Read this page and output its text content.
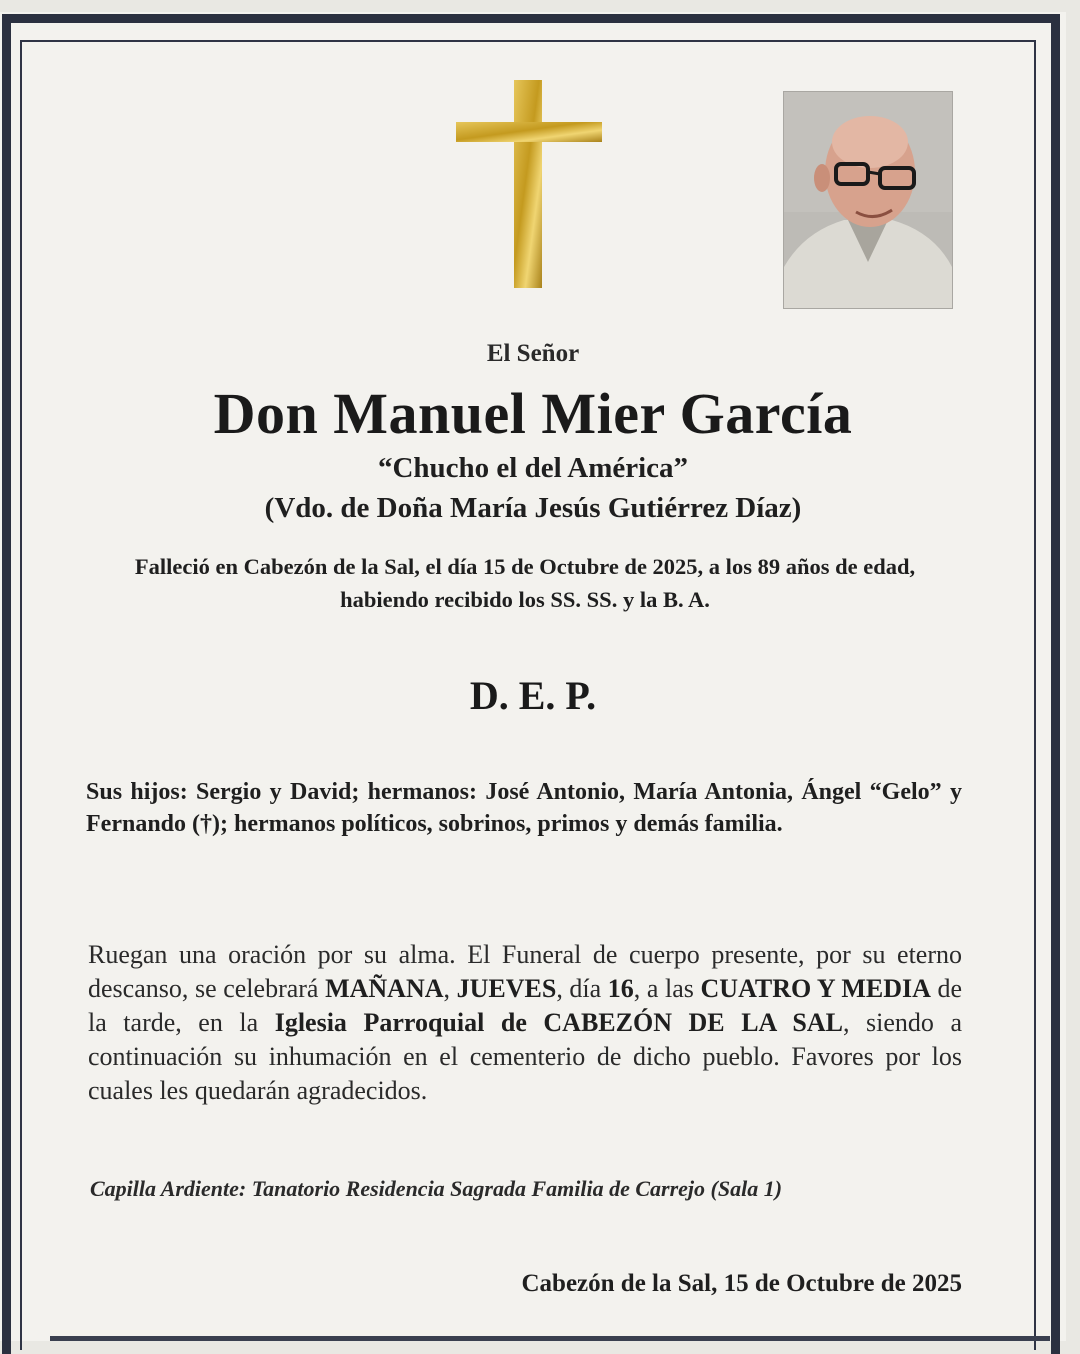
El Señor

Don Manuel Mier García

“Chucho el del América”

(Vdo. de Doña María Jesús Gutiérrez Díaz)

Falleció en Cabezón de la Sal, el día 15 de Octubre de 2025, a los 89 años de edad, habiendo recibido los SS. SS. y la B. A.

D. E. P.

Sus hijos: Sergio y David; hermanos: José Antonio, María Antonia, Ángel “Gelo” y Fernando (†); hermanos políticos, sobrinos, primos y demás familia.

Ruegan una oración por su alma. El Funeral de cuerpo presente, por su eterno descanso, se celebrará MAÑANA, JUEVES, día 16, a las CUATRO Y MEDIA de la tarde, en la Iglesia Parroquial de CABEZÓN DE LA SAL, siendo a continuación su inhumación en el cementerio de dicho pueblo. Favores por los cuales les quedarán agradecidos.

Capilla Ardiente: Tanatorio Residencia Sagrada Familia de Carrejo (Sala 1)

Cabezón de la Sal, 15 de Octubre de 2025
